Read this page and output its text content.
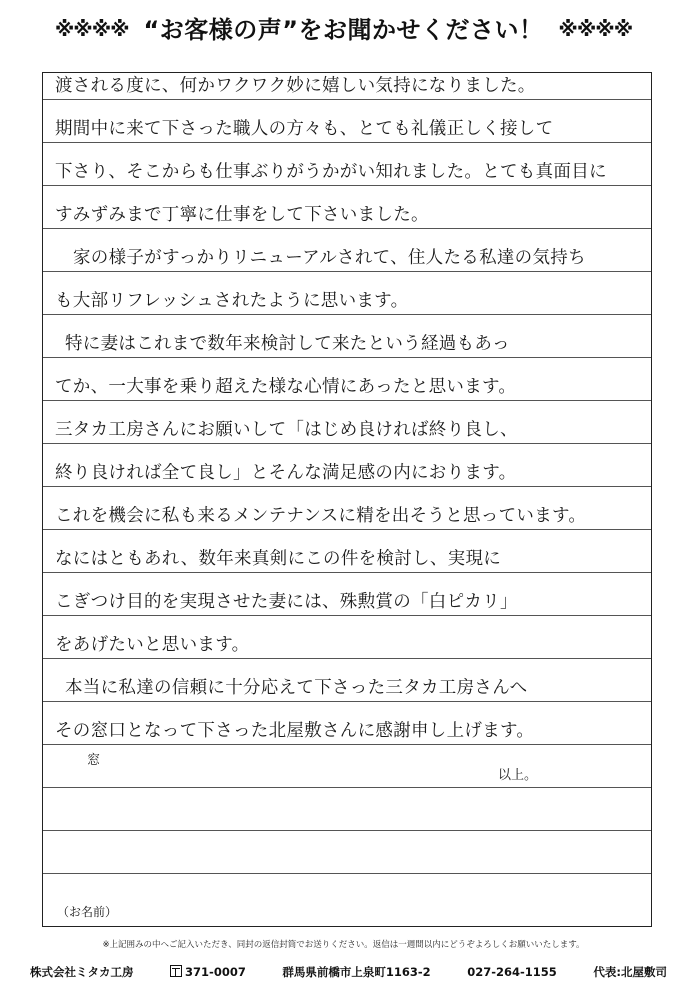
※※※※ “お客様の声”をお聞かせください！ ※※※※
渡される度に、何かワクワク妙に嬉しい気持になりました。
期間中に来て下さった職人の方々も、とても礼儀正しく接して
下さり、そこからも仕事ぶりがうかがい知れました。とても真面目に
すみずみまで丁寧に仕事をして下さいました。
家の様子がすっかりリニューアルされて、住人たる私達の気持ち
も大部リフレッシュされたように思います。
特に妻はこれまで数年来検討して来たという経過もあっ
てか、一大事を乗り超えた様な心情にあったと思います。
三タカ工房さんにお願いして「はじめ良ければ終り良し、
終り良ければ全て良し」とそんな満足感の内におります。
これを機会に私も来るメンテナンスに精を出そうと思っています。
なにはともあれ、数年来真剣にこの件を検討し、実現に
こぎつけ目的を実現させた妻には、殊勲賞の「白ピカリ」
をあげたいと思います。
本当に私達の信頼に十分応えて下さった三タカ工房さんへ
その窓口となって下さった北屋敷さんに感謝申し上げます。
窓
以上。
（お名前）
※上記囲みの中へご記入いただき、同封の返信封筒でお送りください。返信は一週間以内にどうぞよろしくお願いいたします。
株式会社ミタカ工房	371-0007	群馬県前橋市上泉町1163-2	027-264-1155	代表:北屋敷司
